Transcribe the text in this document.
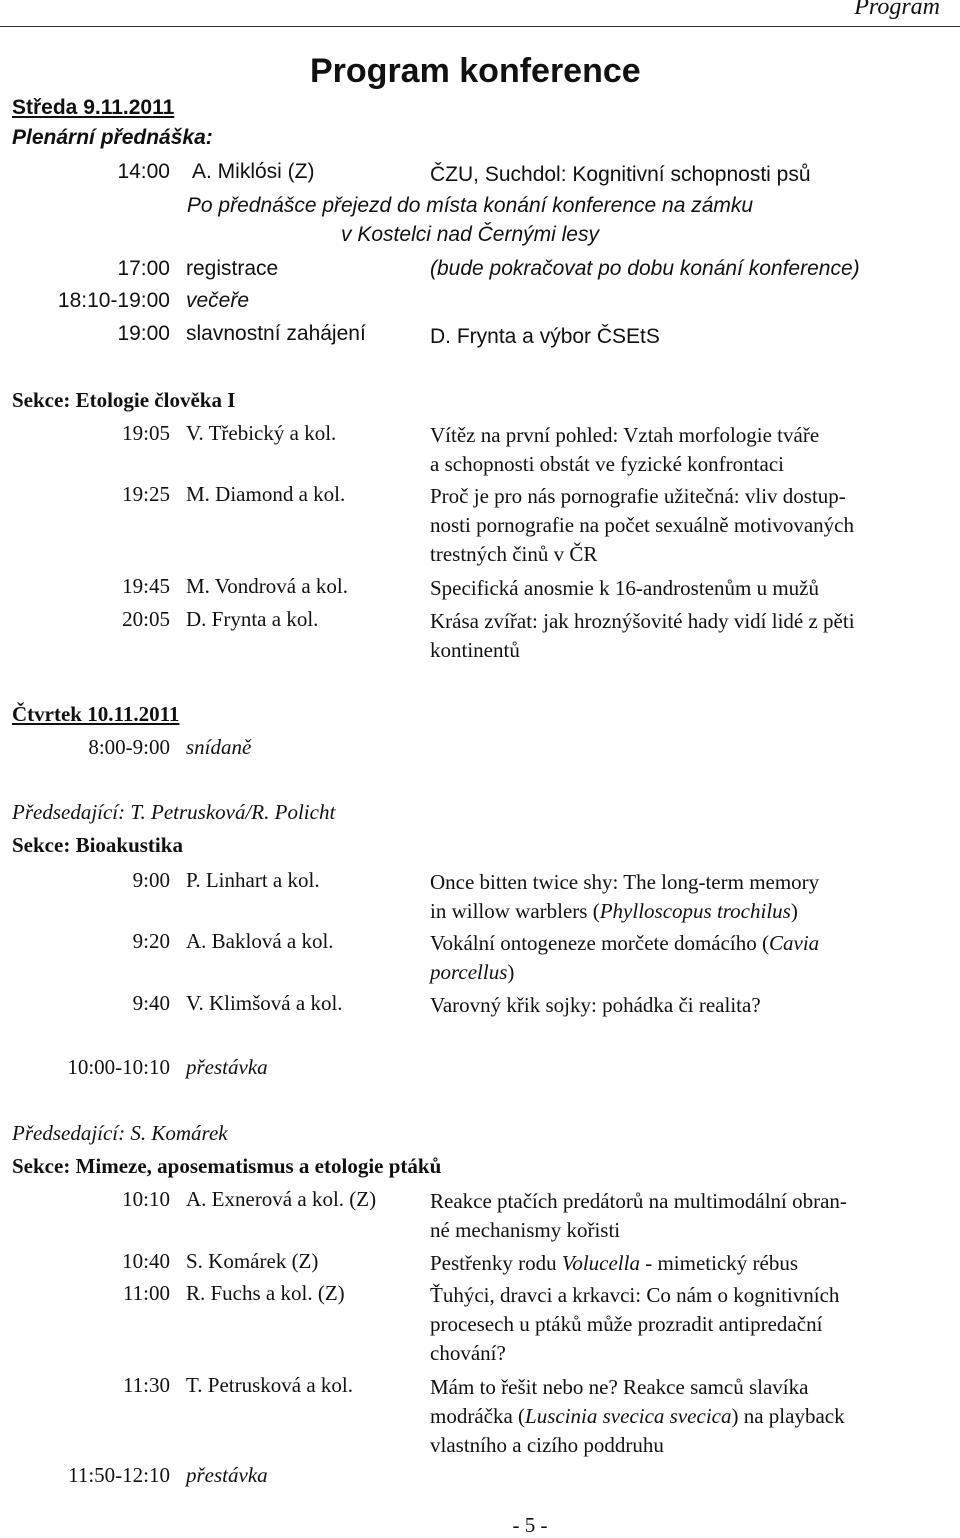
Program
Program konference
Středa 9.11.2011
Plenární přednáška:
14:00 A. Miklósi (Z)	ČZU, Suchdol: Kognitivní schopnosti psů
Po přednášce přejezd do místa konání konference na zámku
v Kostelci nad Černými lesy
17:00 registrace	(bude pokračovat po dobu konání konference)
18:10-19:00 večeře
19:00 slavnostní zahájení	D. Frynta a výbor ČSEtS
Sekce: Etologie člověka I
19:05 V. Třebický a kol.	Vítěz na první pohled: Vztah morfologie tváře
a schopnosti obstát ve fyzické konfrontaci
19:25 M. Diamond a kol.	Proč je pro nás pornografie užitečná: vliv dostup-
nosti pornografie na počet sexuálně motivovaných
trestných činů v ČR
19:45 M. Vondrová a kol.	Specifická anosmie k 16-androstenům u mužů
20:05 D. Frynta a kol.	Krása zvířat: jak hroznýšovité hady vidí lidé z pěti
kontinentů
Čtvrtek 10.11.2011
8:00-9:00 snídaně
Předsedající: T. Petrusková/R. Policht
Sekce: Bioakustika
9:00 P. Linhart a kol.	Once bitten twice shy: The long-term memory
in willow warblers (Phylloscopus trochilus)
9:20 A. Baklová a kol.	Vokální ontogeneze morčete domácího (Cavia
porcellus)
9:40 V. Klimšová a kol.	Varovný křik sojky: pohádka či realita?
10:00-10:10 přestávka
Předsedající: S. Komárek
Sekce: Mimeze, aposematismus a etologie ptáků
10:10 A. Exnerová a kol. (Z)	Reakce ptačích predátorů na multimodální obran-
né mechanismy kořisti
10:40 S. Komárek (Z)	Pestřenky rodu Volucella - mimetický rébus
11:00 R. Fuchs a kol. (Z)	Ťuhýci, dravci a krkavci: Co nám o kognitivních
procesech u ptáků může prozradit antipredační
chování?
11:30 T. Petrusková a kol.	Mám to řešit nebo ne? Reakce samců slavíka
modráčka (Luscinia svecica svecica) na playback
vlastního a cizího poddruhu
11:50-12:10 přestávka
- 5 -
